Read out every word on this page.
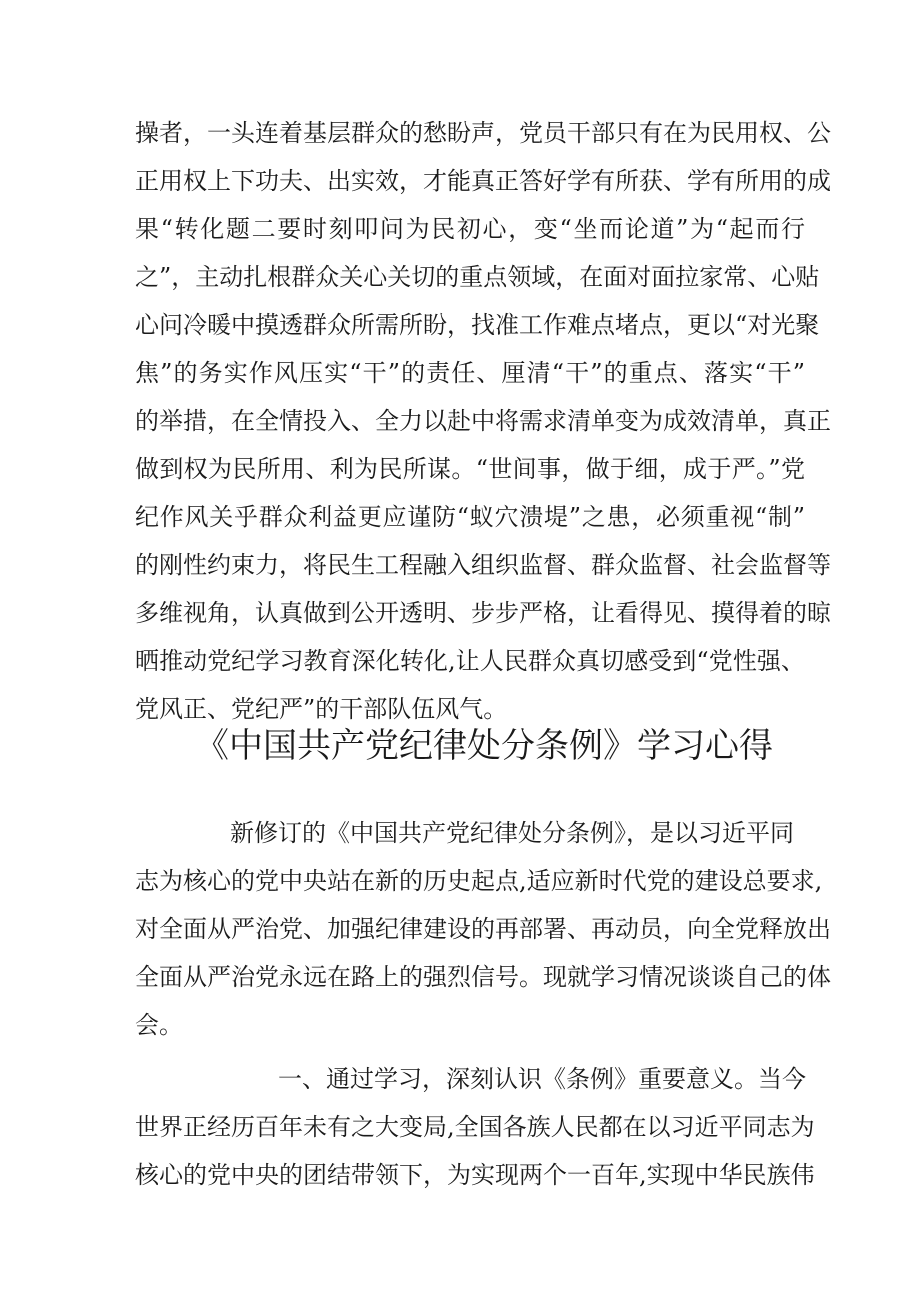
操者，一头连着基层群众的愁盼声，党员干部只有在为民用权、公
正用权上下功夫、出实效，才能真正答好学有所获、学有所用的成
果“转化题二要时刻叩问为民初心，变“坐而论道”为“起而行
之”，主动扎根群众关心关切的重点领域，在面对面拉家常、心贴
心问冷暖中摸透群众所需所盼，找准工作难点堵点，更以“对光聚
焦”的务实作风压实“干”的责任、厘清“干”的重点、落实“干”
的举措，在全情投入、全力以赴中将需求清单变为成效清单，真正
做到权为民所用、利为民所谋。“世间事，做于细，成于严。”党
纪作风关乎群众利益更应谨防“蚁穴溃堤”之患，必须重视“制”
的刚性约束力，将民生工程融入组织监督、群众监督、社会监督等
多维视角，认真做到公开透明、步步严格，让看得见、摸得着的晾
晒推动党纪学习教育深化转化,让人民群众真切感受到“党性强、
党风正、党纪严”的干部队伍风气。
《中国共产党纪律处分条例》学习心得
新修订的《中国共产党纪律处分条例》，是以习近平同
志为核心的党中央站在新的历史起点,适应新时代党的建设总要求,
对全面从严治党、加强纪律建设的再部署、再动员，向全党释放出
全面从严治党永远在路上的强烈信号。现就学习情况谈谈自己的体
会。
一、通过学习，深刻认识《条例》重要意义。当今
世界正经历百年未有之大变局,全国各族人民都在以习近平同志为
核心的党中央的团结带领下，为实现两个一百年,实现中华民族伟
